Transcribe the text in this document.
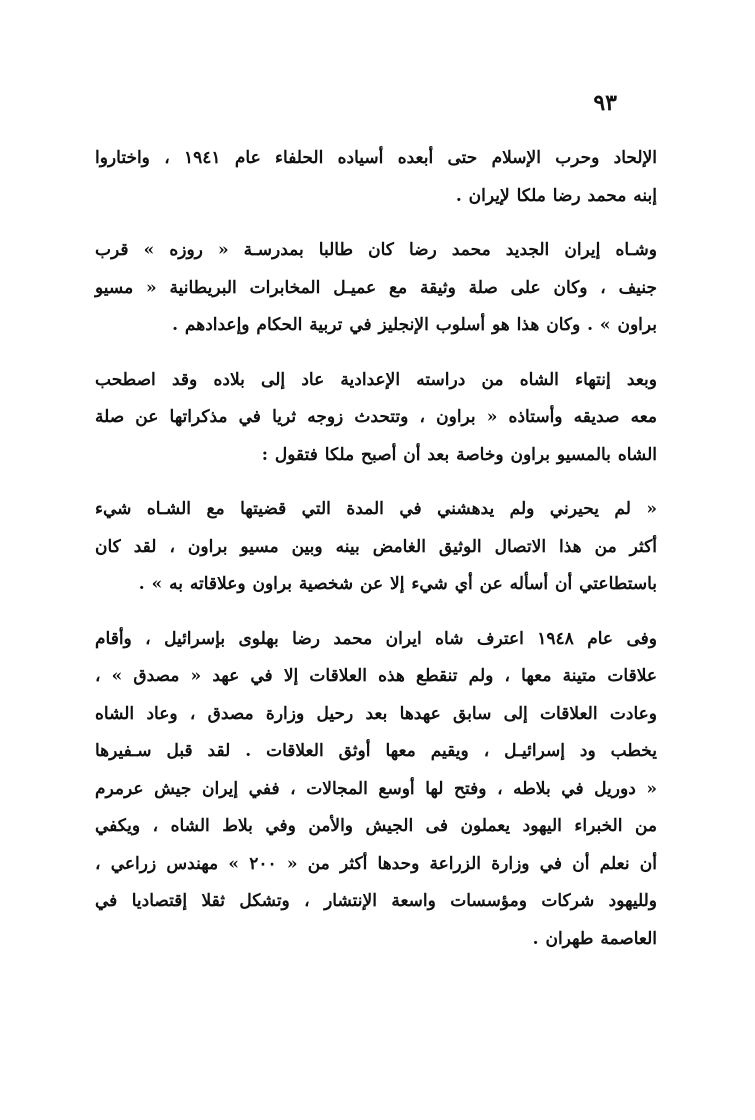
٩٣

الإلحاد وحرب الإسلام حتى أبعده أسياده الحلفاء عام ١٩٤١ ، واختاروا
إبنه محمد رضا ملكا لإيران .

وشـاه إيران الجديد محمد رضا كان طالبا بمدرسـة « روزه » قرب
جنيف ، وكان على صلة وثيقة مع عميـل المخابرات البريطانية « مسيو
براون » . وكان هذا هو أسلوب الإنجليز في تربية الحكام وإعدادهم .

وبعد إنتهاء الشاه من دراسته الإعدادية عاد إلى بلاده وقد اصطحب
معه صديقه وأستاذه « براون ، وتتحدث زوجه ثريا في مذكراتها عن صلة
الشاه بالمسيو براون وخاصة بعد أن أصبح ملكا فتقول :

« لم يحيرني ولم يدهشني في المدة التي قضيتها مع الشـاه شيء
أكثر من هذا الاتصال الوثيق الغامض بينه وبين مسيو براون ، لقد كان
باستطاعتي أن أسأله عن أي شيء إلا عن شخصية براون وعلاقاته به » .

وفى عام ١٩٤٨ اعترف شاه ايران محمد رضا بهلوى بإسرائيل ، وأقام
علاقات متينة معها ، ولم تنقطع هذه العلاقات إلا في عهد « مصدق » ،
وعادت العلاقات إلى سابق عهدها بعد رحيل وزارة مصدق ، وعاد الشاه
يخطب ود إسرائيـل ، ويقيم معها أوثق العلاقات . لقد قبل سـفيرها
« دوريل في بلاطه ، وفتح لها أوسع المجالات ، ففي إيران جيش عرمرم
من الخبراء اليهود يعملون فى الجيش والأمن وفي بلاط الشاه ، ويكفي
أن نعلم أن في وزارة الزراعة وحدها أكثر من « ٢٠٠ » مهندس زراعي ،
ولليهود شركات ومؤسسات واسعة الإنتشار ، وتشكل ثقلا إقتصاديا في
العاصمة طهران .
